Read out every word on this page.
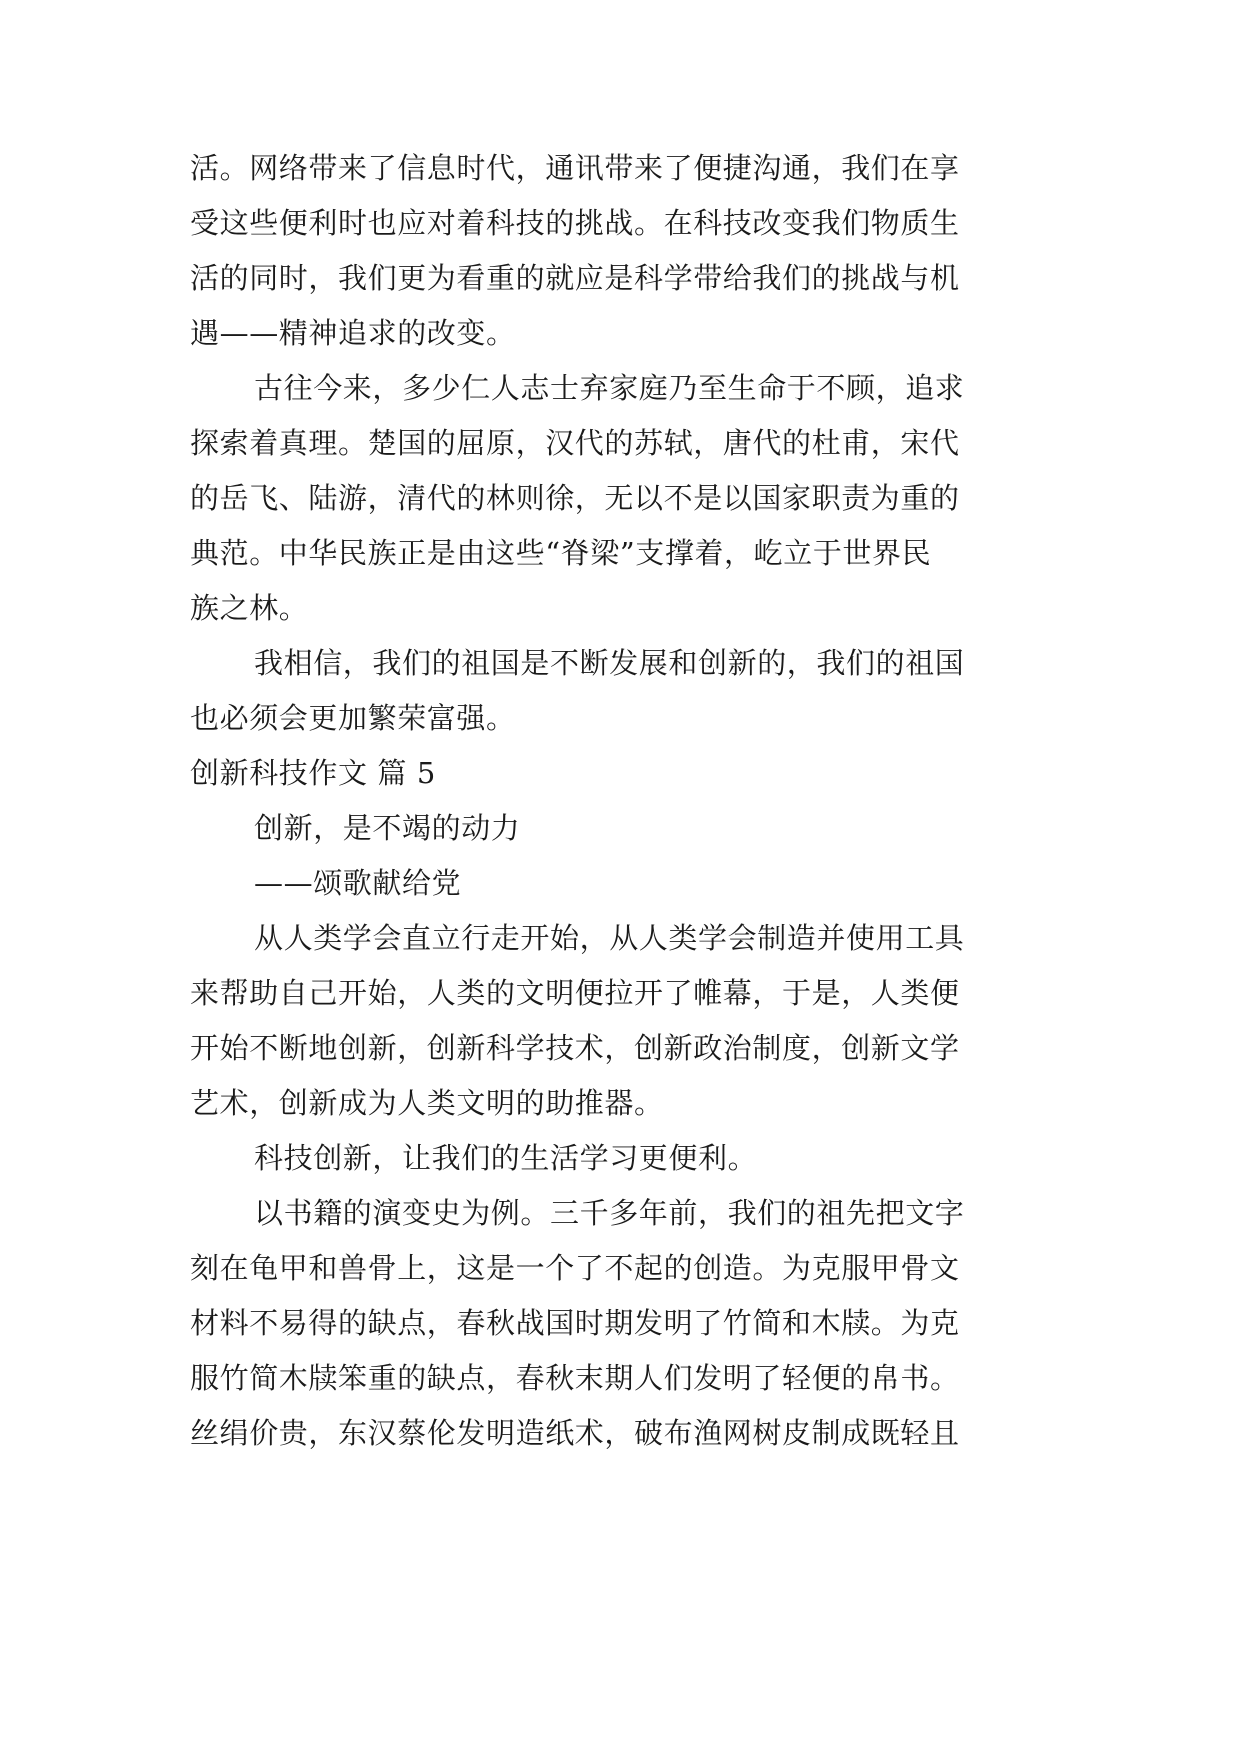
活。网络带来了信息时代，通讯带来了便捷沟通，我们在享
受这些便利时也应对着科技的挑战。在科技改变我们物质生
活的同时，我们更为看重的就应是科学带给我们的挑战与机
遇——精神追求的改变。
古往今来，多少仁人志士弃家庭乃至生命于不顾，追求
探索着真理。楚国的屈原，汉代的苏轼，唐代的杜甫，宋代
的岳飞、陆游，清代的林则徐，无以不是以国家职责为重的
典范。中华民族正是由这些“脊梁”支撑着，屹立于世界民
族之林。
我相信，我们的祖国是不断发展和创新的，我们的祖国
也必须会更加繁荣富强。
创新科技作文 篇 5
创新，是不竭的动力
——颂歌献给党
从人类学会直立行走开始，从人类学会制造并使用工具
来帮助自己开始，人类的文明便拉开了帷幕，于是，人类便
开始不断地创新，创新科学技术，创新政治制度，创新文学
艺术，创新成为人类文明的助推器。
科技创新，让我们的生活学习更便利。
以书籍的演变史为例。三千多年前，我们的祖先把文字
刻在龟甲和兽骨上，这是一个了不起的创造。为克服甲骨文
材料不易得的缺点，春秋战国时期发明了竹简和木牍。为克
服竹简木牍笨重的缺点，春秋末期人们发明了轻便的帛书。
丝绢价贵，东汉蔡伦发明造纸术，破布渔网树皮制成既轻且
